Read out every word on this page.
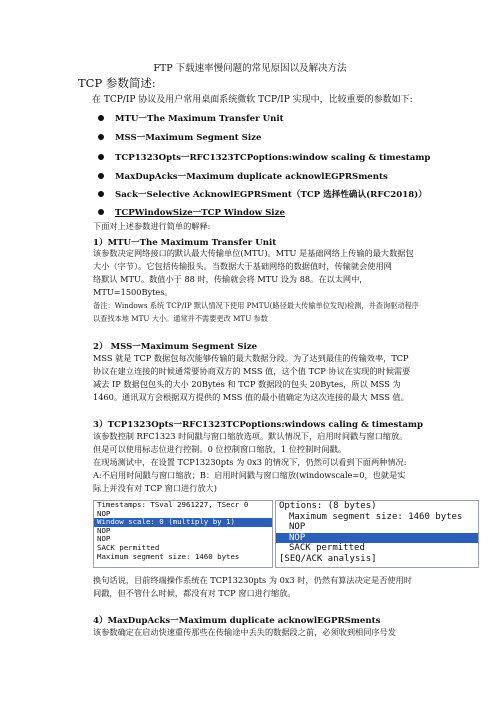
FTP 下载速率慢问题的常见原因以及解决方法
TCP 参数简述:
在 TCP/IP 协议及用户常用桌面系统微软 TCP/IP 实现中，比较重要的参数如下:
MTU一The Maximum Transfer Unit
MSS一Maximum Segment Size
TCP1323Opts一RFC1323TCPoptions:window scaling & timestamp
MaxDupAcks一Maximum duplicate acknowlEGPRSments
Sack一Selective AcknowlEGPRSment（TCP 选择性确认(RFC2018)）
TCPWindowSize一TCP Window Size
下面对上述参数进行简单的解释:
1）MTU一The Maximum Transfer Unit
该参数决定网络接口的默认最大传输单位(MTU)。MTU 是基础网络上传输的最大数据包
大小（字节）。它包括传输报头。当数据大于基础网络的数据值时，传输就会使用网
络默认 MTU。数值小于 88 时，传输就会将 MTU 设为 88。在以太网中，
MTU=1500Bytes。
备注：Windows 系统 TCP/IP 默认情况下使用 PMTU(路径最大传输单位发现)检测，并查询驱动程序
以查找本地 MTU 大小。通常并不需要更改 MTU 参数
2） MSS一Maximum Segment Size
MSS 就是 TCP 数据包每次能够传输的最大数据分段。为了达到最佳的传输效率，TCP
协议在建立连接的时候通常要协商双方的 MSS 值，这个值 TCP 协议在实现的时候需要
减去 IP 数据包包头的大小 20Bytes 和 TCP 数据段的包头 20Bytes，所以 MSS 为
1460。通讯双方会根据双方提供的 MSS 值的最小值确定为这次连接的最大 MSS 值。
3）TCP1323Opts一RFC1323TCPoptions:windows caling & timestamp
该参数控制 RFC1323 时间戳与窗口缩放选项。默认情况下，启用时间戳与窗口缩放。
但是可以使用标志位进行控制。0 位控制窗口缩放，1 位控制时间戳。
在现场测试中，在设置 TCP13230pts 为 0x3 的情况下，仍然可以看到下面两种情况:
A:不启用时间戳与窗口缩放；B：启用时间戳与窗口缩放(windowscale=0，也就是实
际上并没有对 TCP 窗口进行放大)
Timestamps: TSval 2961227, TSecr 0
NOP
Window scale: 0 (multiply by 1)
NOP
NOP
SACK permitted
Maximum segment size: 1460 bytes
Options: (8 bytes)
Maximum segment size: 1460 bytes
NOP
NOP
SACK permitted
[SEQ/ACK analysis]
换句话说，目前终端操作系统在 TCP13230pts 为 0x3 时，仍然有算法决定是否使用时
间戳，但不管什么时候，都没有对 TCP 窗口进行缩放。
4）MaxDupAcks一Maximum duplicate acknowlEGPRSments
该参数确定在启动快速重传那些在传输途中丢失的数据段之前，必须收到相同序号发
